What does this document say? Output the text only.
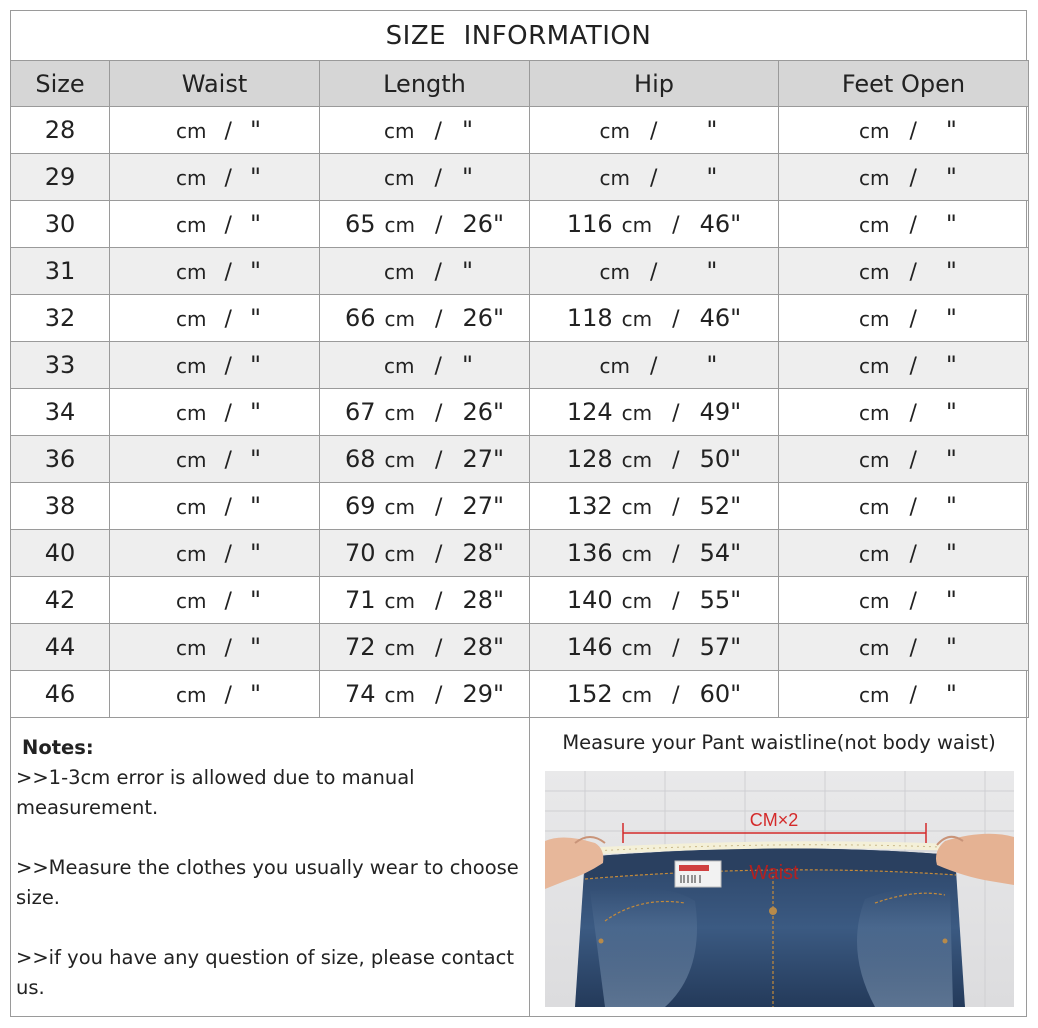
SIZE  INFORMATION
Size	Waist	Length	Hip	Feet Open
28	cm / "	cm / "	cm / "	cm / "

29	cm / "	cm / "	cm / "	cm / "

30	cm / "	65 cm / 26"	116 cm / 46"	cm / "

31	cm / "	cm / "	cm / "	cm / "

32	cm / "	66 cm / 26"	118 cm / 46"	cm / "

33	cm / "	cm / "	cm / "	cm / "

34	cm / "	67 cm / 26"	124 cm / 49"	cm / "

36	cm / "	68 cm / 27"	128 cm / 50"	cm / "

38	cm / "	69 cm / 27"	132 cm / 52"	cm / "

40	cm / "	70 cm / 28"	136 cm / 54"	cm / "

42	cm / "	71 cm / 28"	140 cm / 55"	cm / "

44	cm / "	72 cm / 28"	146 cm / 57"	cm / "

46	cm / "	74 cm / 29"	152 cm / 60"	cm / "
Notes:

>>1-3cm error is allowed due to manual measurement.

>>Measure the clothes you usually wear to choose size.

>>if you have any question of size, please contact us.

Measure your Pant waistline(not body waist)
CM×2
Waist
